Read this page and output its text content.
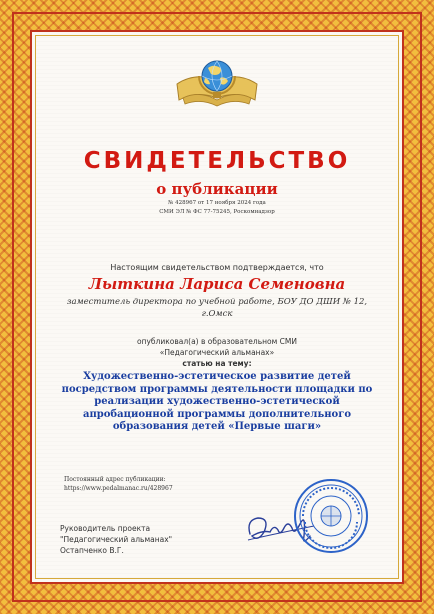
СВИДЕТЕЛЬСТВО
о публикации
№ 428967 от 17 ноября 2024 года
СМИ ЭЛ № ФС 77-75245, Роскомнадзор
Настоящим свидетельством подтверждается, что
Лыткина Лариса Семеновна
заместитель директора по учебной работе, БОУ ДО ДШИ № 12, г.Омск
опубликовал(а) в образовательном СМИ
«Педагогический альманах»
статью на тему:
Художественно-эстетическое развитие детей посредством программы деятельности площадки по реализации художественно-эстетической апробационной программы дополнительного образования детей «Первые шаги»
Постоянный адрес публикации:
https://www.pedalmanac.ru/428967
Руководитель проекта
"Педагогический альманах"
Остапченко В.Г.
